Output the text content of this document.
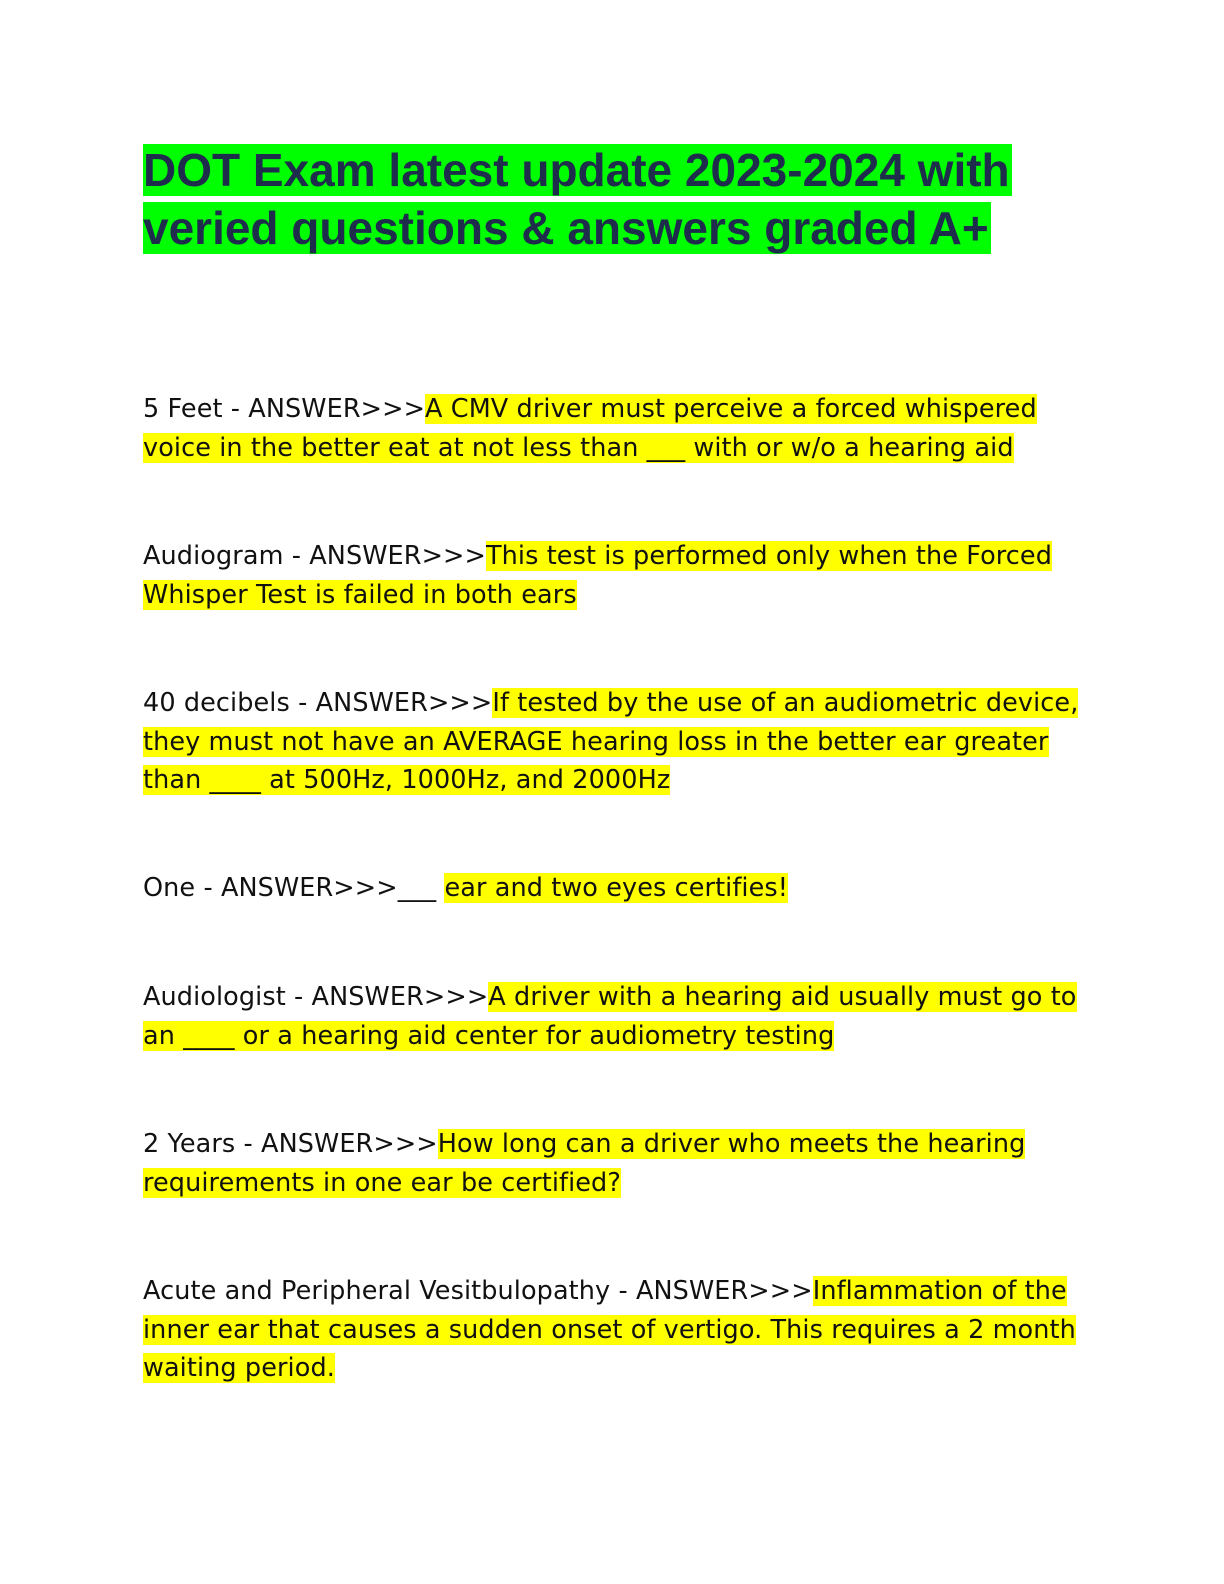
DOT Exam latest update 2023-2024 with veried questions & answers graded A+

5 Feet - ANSWER>>>A CMV driver must perceive a forced whispered voice in the better eat at not less than ___ with or w/o a hearing aid

Audiogram - ANSWER>>>This test is performed only when the Forced Whisper Test is failed in both ears

40 decibels - ANSWER>>>If tested by the use of an audiometric device, they must not have an AVERAGE hearing loss in the better ear greater than ____ at 500Hz, 1000Hz, and 2000Hz

One - ANSWER>>>___ ear and two eyes certifies!

Audiologist - ANSWER>>>A driver with a hearing aid usually must go to an ____ or a hearing aid center for audiometry testing

2 Years - ANSWER>>>How long can a driver who meets the hearing requirements in one ear be certified?

Acute and Peripheral Vesitbulopathy - ANSWER>>>Inflammation of the inner ear that causes a sudden onset of vertigo. This requires a 2 month waiting period.
